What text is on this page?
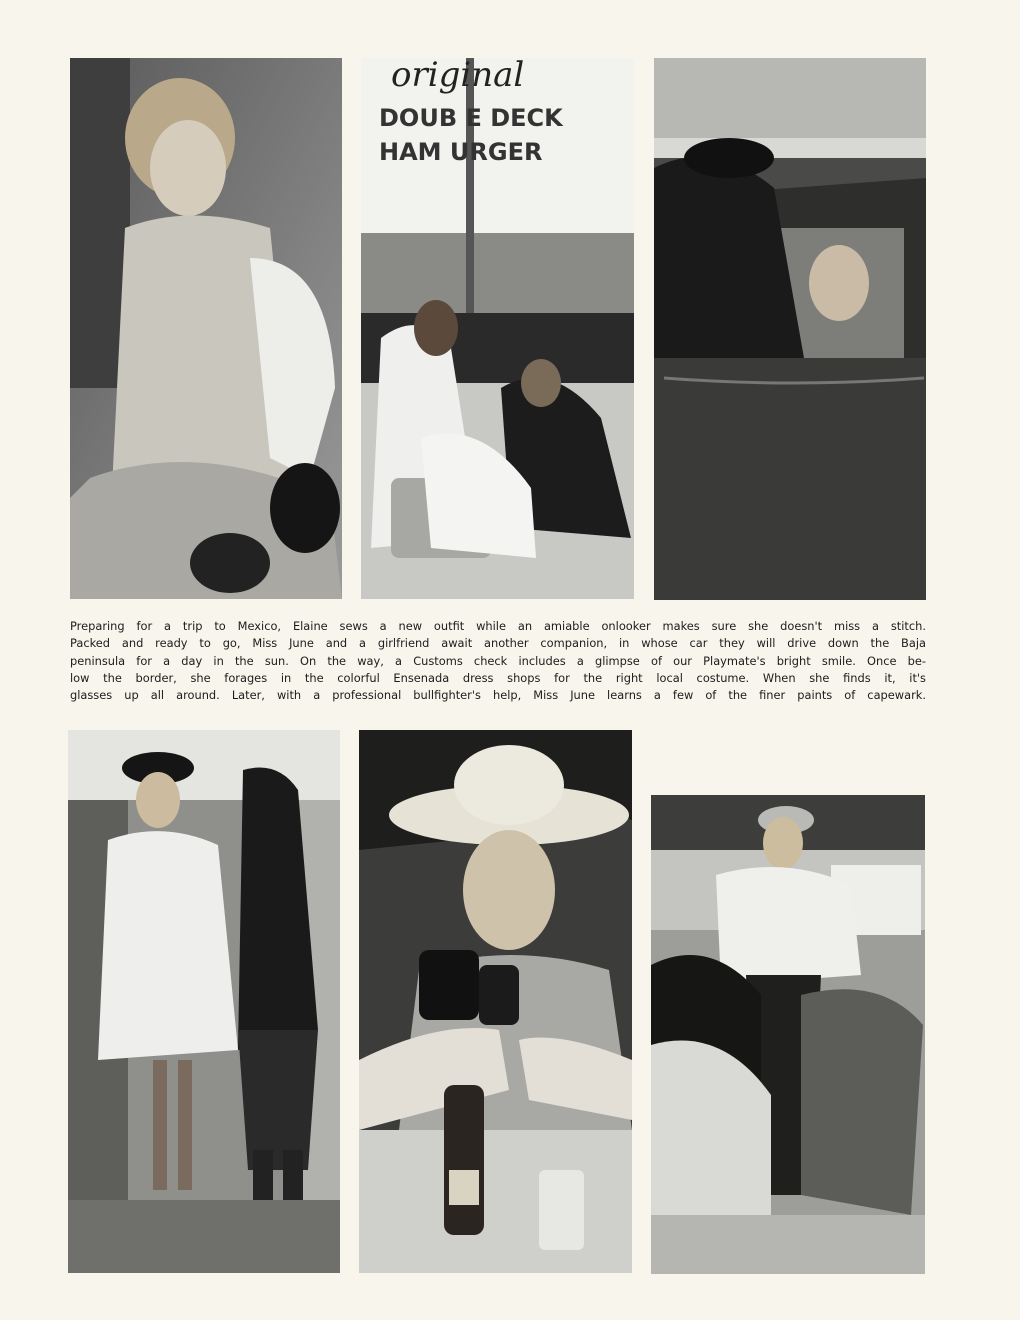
original
DOUB E DECK
HAM URGER

Preparing for a trip to Mexico, Elaine sews a new outfit while an amiable onlooker makes sure she doesn't miss a stitch.
Packed and ready to go, Miss June and a girlfriend await another companion, in whose car they will drive down the Baja
peninsula for a day in the sun. On the way, a Customs check includes a glimpse of our Playmate's bright smile. Once be-
low the border, she forages in the colorful Ensenada dress shops for the right local costume. When she finds it, it's
glasses up all around. Later, with a professional bullfighter's help, Miss June learns a few of the finer paints of capewark.
